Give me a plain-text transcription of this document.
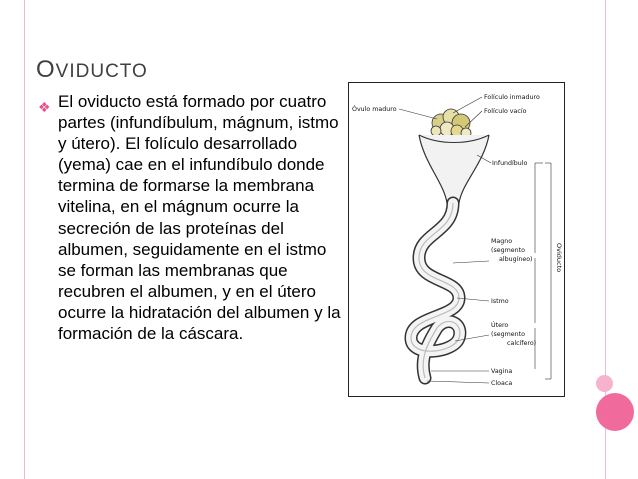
OVIDUCTO
❖ El oviducto está formado por cuatro partes (infundíbulum, mágnum, istmo y útero). El folículo desarrollado (yema) cae en el infundíbulo donde termina de formarse la membrana vitelina, en el mágnum ocurre la secreción de las proteínas del albumen, seguidamente en el istmo se forman las membranas que recubren el albumen, y en el útero ocurre la hidratación del albumen y la formación de la cáscara.
Folículo inmaduro
Óvulo maduro	Folículo vacío
Infundíbulo
Magno
(segmento
albugíneo)
Istmo
Útero
(segmento
calcífero)
Vagina
Cloaca
Oviducto
